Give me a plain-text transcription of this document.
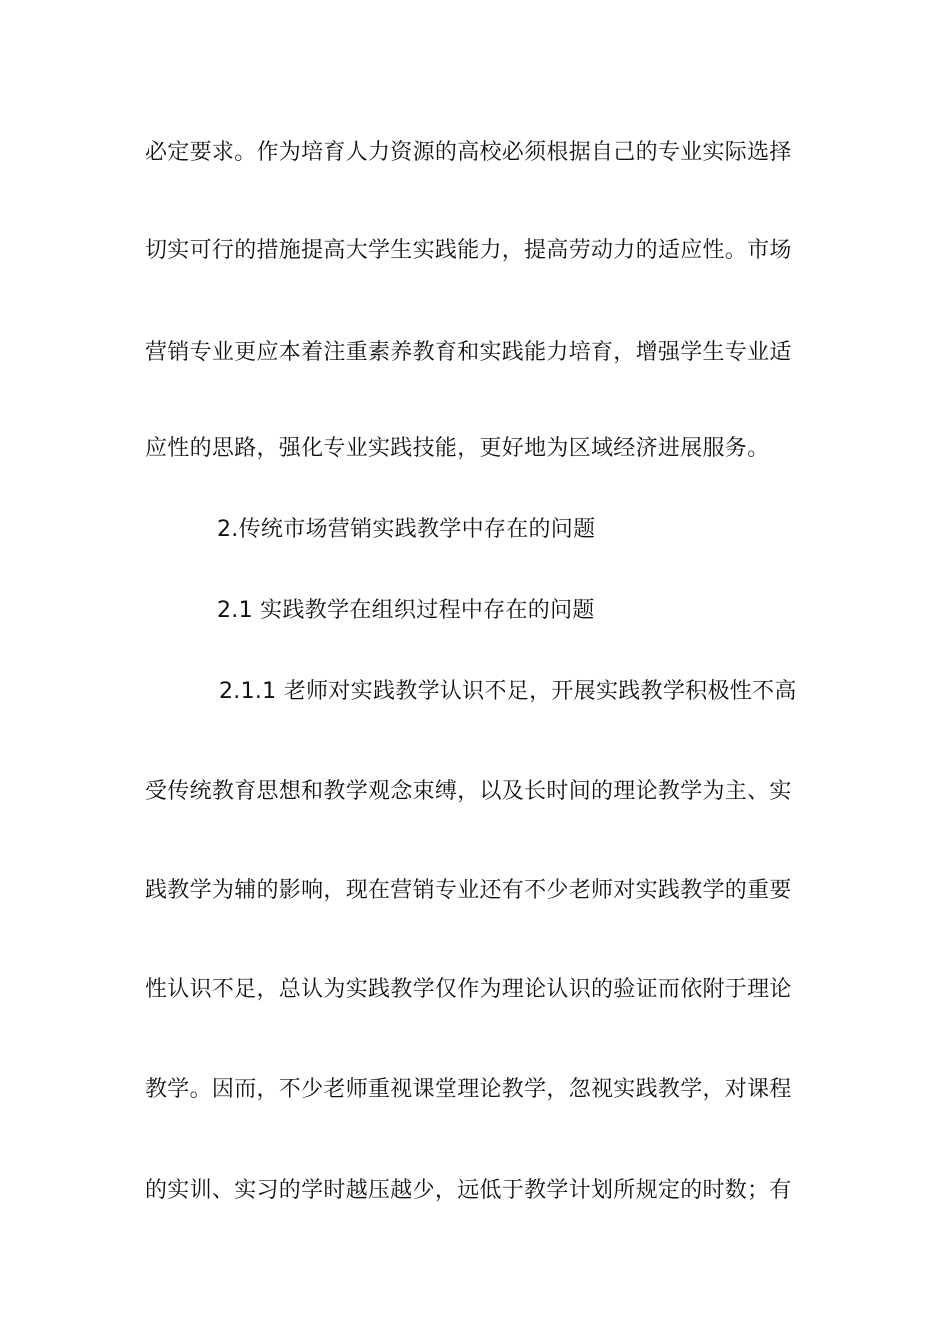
必定要求。作为培育人力资源的高校必须根据自己的专业实际选择
切实可行的措施提高大学生实践能力，提高劳动力的适应性。市场
营销专业更应本着注重素养教育和实践能力培育，增强学生专业适
应性的思路，强化专业实践技能，更好地为区域经济进展服务。
2.传统市场营销实践教学中存在的问题
2.1 实践教学在组织过程中存在的问题
2.1.1 老师对实践教学认识不足，开展实践教学积极性不高
受传统教育思想和教学观念束缚，以及长时间的理论教学为主、实
践教学为辅的影响，现在营销专业还有不少老师对实践教学的重要
性认识不足，总认为实践教学仅作为理论认识的验证而依附于理论
教学。因而，不少老师重视课堂理论教学，忽视实践教学，对课程
的实训、实习的学时越压越少，远低于教学计划所规定的时数；有
